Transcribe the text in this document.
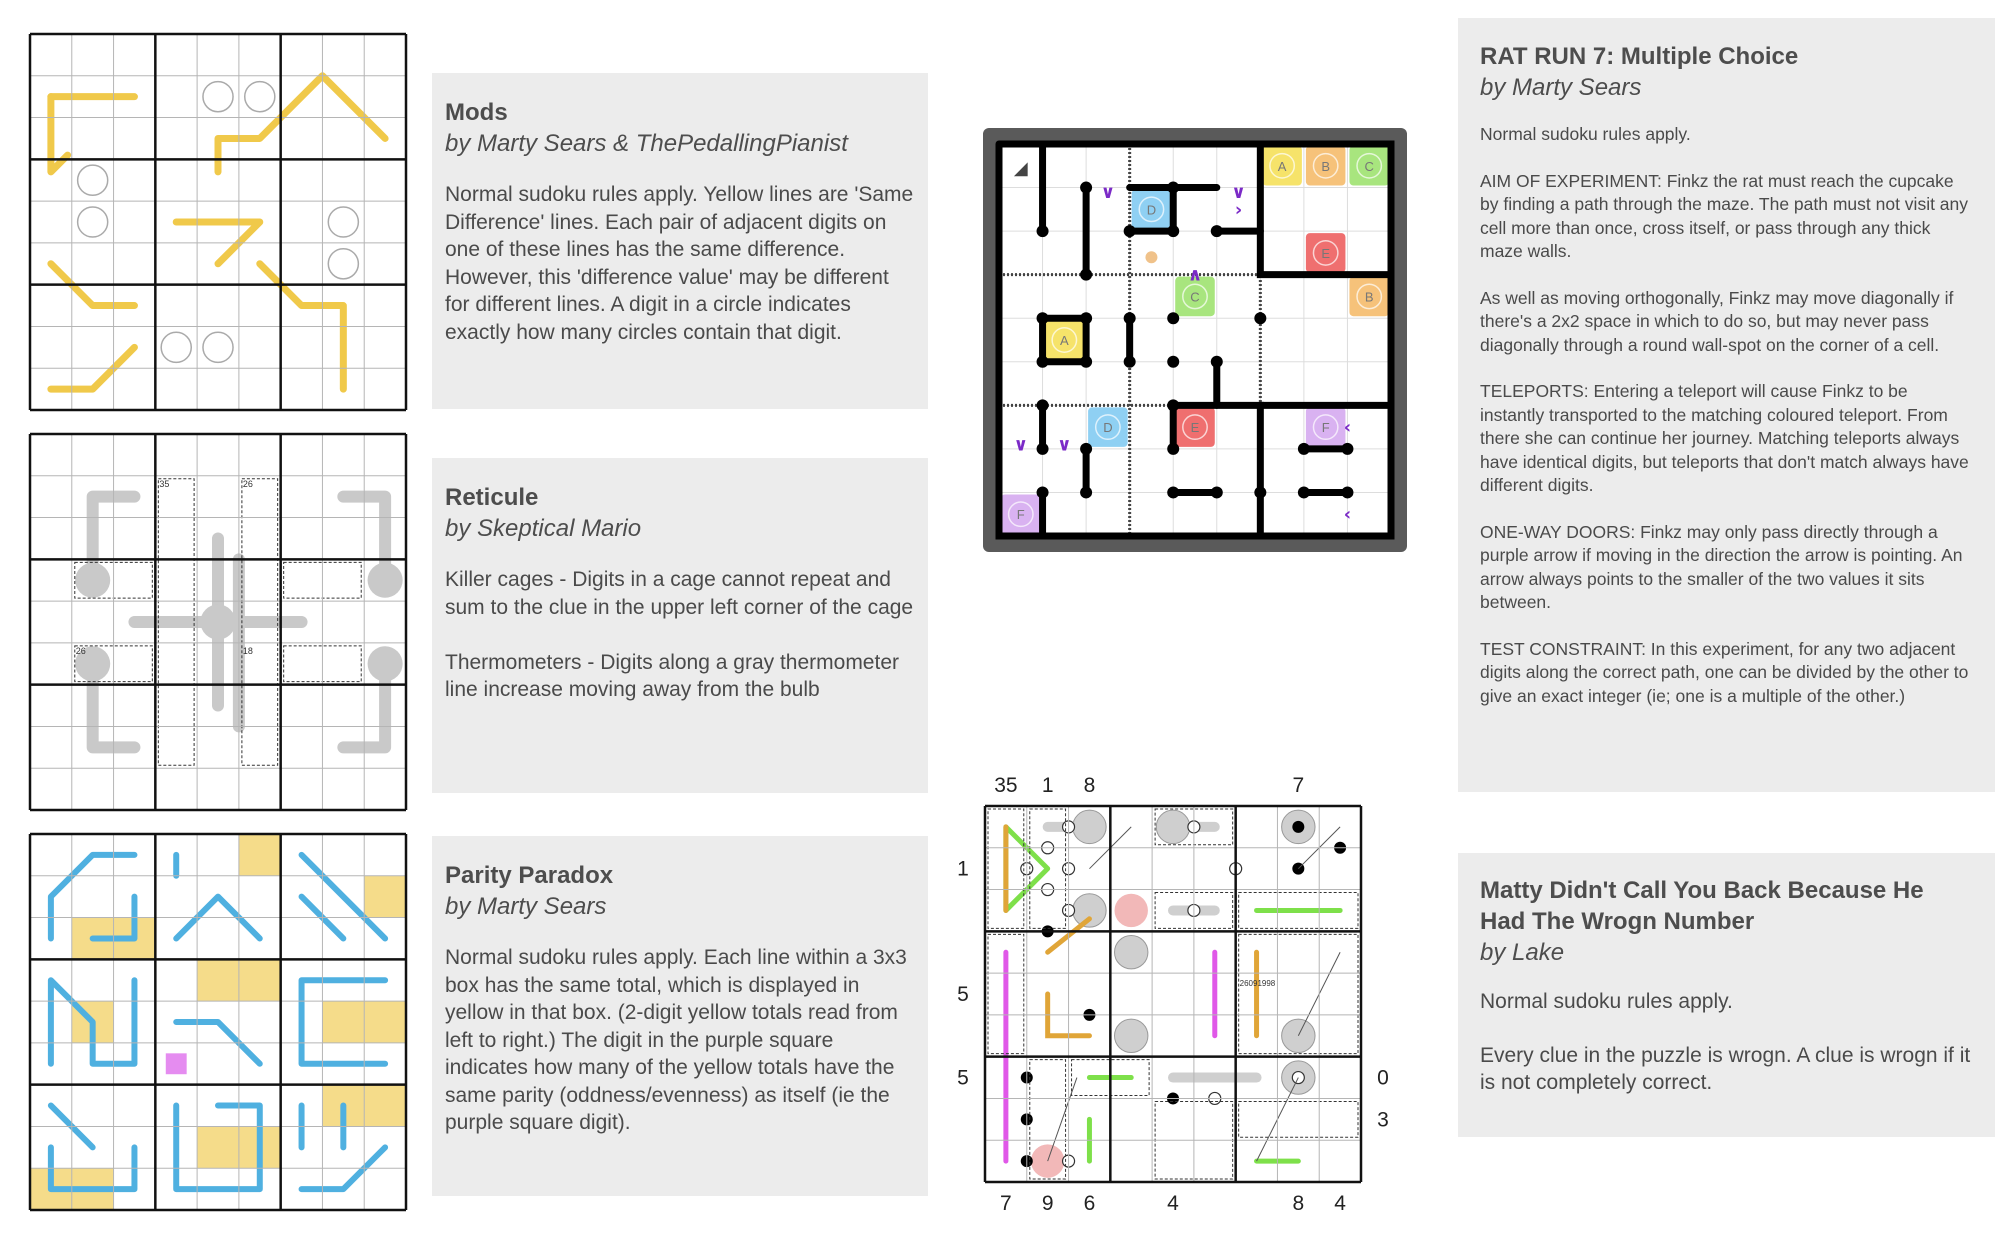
35	26
26	18
Mods
by Marty Sears & ThePedallingPianist
Normal sudoku rules apply. Yellow lines are 'Same Difference' lines. Each pair of adjacent digits on one of these lines has the same difference. However, this 'difference value' may be different for different lines. A digit in a circle indicates exactly how many circles contain that digit.
Reticule
by Skeptical Mario
Killer cages - Digits in a cage cannot repeat and sum to the clue in the upper left corner of the cage

Thermometers - Digits along a gray thermometer line increase moving away from the bulb
Parity Paradox
by Marty Sears
Normal sudoku rules apply. Each line within a 3x3 box has the same total, which is displayed in yellow in that box. (2-digit yellow totals read from left to right.) The digit in the purple square indicates how many of the yellow totals have the same parity (oddness/evenness) as itself (ie the purple square digit).
A	B	C
D
E
C	B
A
D	E	F
F
∨	∨
›
∧
∨ ∨
‹
‹
◢
35 1 8	7
1
5
5	0
3
7 9 6	4	8 4
26091998
RAT RUN 7: Multiple Choice
by Marty Sears
Normal sudoku rules apply.
AIM OF EXPERIMENT: Finkz the rat must reach the cupcake by finding a path through the maze. The path must not visit any cell more than once, cross itself, or pass through any thick maze walls.
As well as moving orthogonally, Finkz may move diagonally if there's a 2x2 space in which to do so, but may never pass diagonally through a round wall-spot on the corner of a cell.
TELEPORTS: Entering a teleport will cause Finkz to be instantly transported to the matching coloured teleport. From there she can continue her journey. Matching teleports always have identical digits, but teleports that don't match always have different digits.
ONE-WAY DOORS: Finkz may only pass directly through a purple arrow if moving in the direction the arrow is pointing. An arrow always points to the smaller of the two values it sits between.
TEST CONSTRAINT: In this experiment, for any two adjacent digits along the correct path, one can be divided by the other to give an exact integer (ie; one is a multiple of the other.)
Matty Didn't Call You Back Because He Had The Wrogn Number
by Lake
Normal sudoku rules apply.
Every clue in the puzzle is wrogn. A clue is wrogn if it is not completely correct.
